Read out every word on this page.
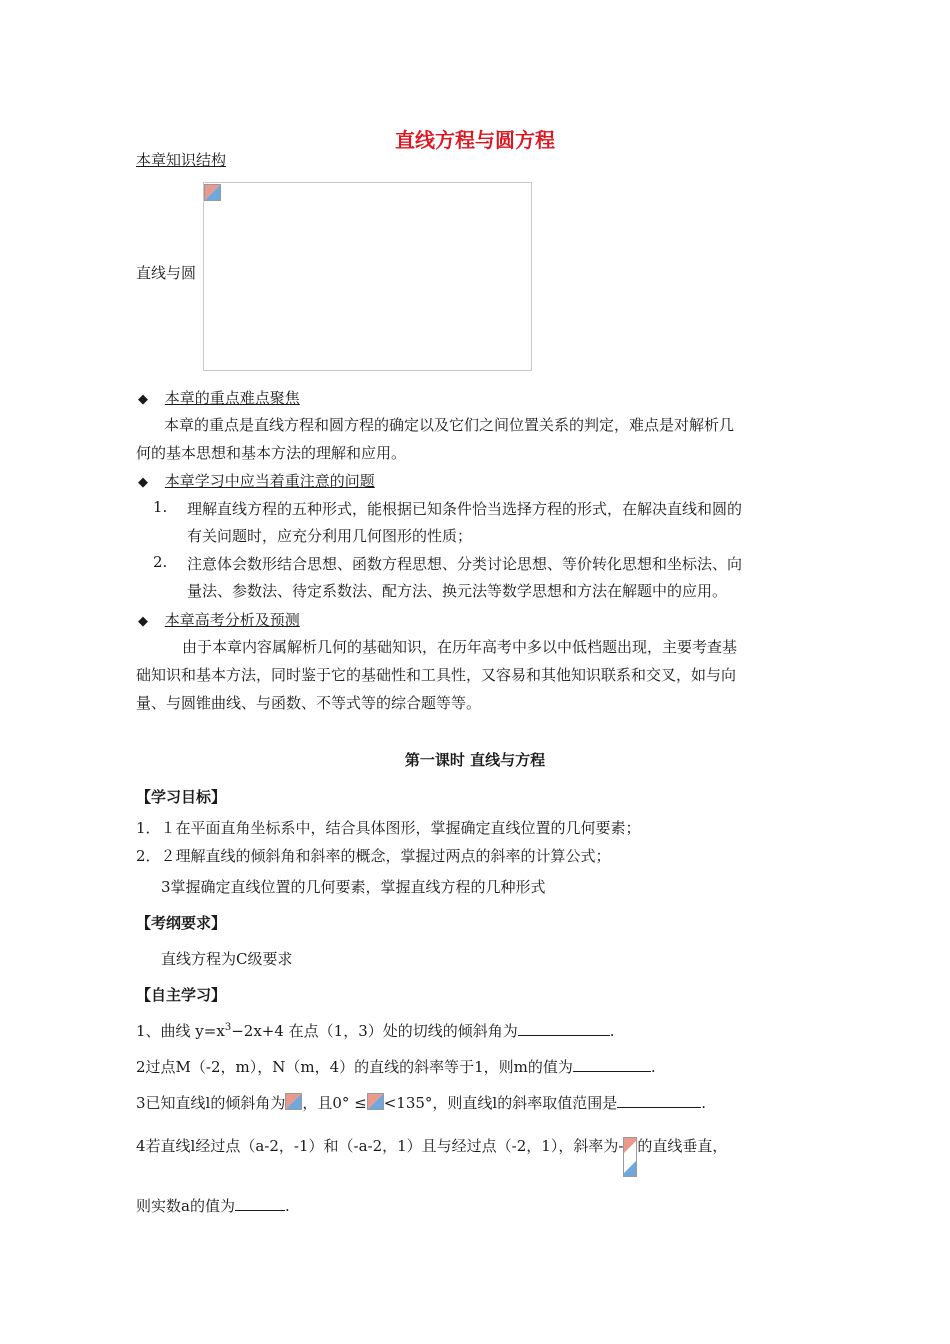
直线方程与圆方程
本章知识结构
直线与圆
◆ 本章的重点难点聚焦
本章的重点是直线方程和圆方程的确定以及它们之间位置关系的判定，难点是对解析几
何的基本思想和基本方法的理解和应用。
◆ 本章学习中应当着重注意的问题
1. 理解直线方程的五种形式，能根据已知条件恰当选择方程的形式，在解决直线和圆的
有关问题时，应充分利用几何图形的性质；
2. 注意体会数形结合思想、函数方程思想、分类讨论思想、等价转化思想和坐标法、向
量法、参数法、待定系数法、配方法、换元法等数学思想和方法在解题中的应用。
◆ 本章高考分析及预测
由于本章内容属解析几何的基础知识，在历年高考中多以中低档题出现，主要考查基
础知识和基本方法，同时鉴于它的基础性和工具性，又容易和其他知识联系和交叉，如与向
量、与圆锥曲线、与函数、不等式等的综合题等等。
第一课时 直线与方程
【学习目标】
1．１在平面直角坐标系中，结合具体图形，掌握确定直线位置的几何要素；
2．２理解直线的倾斜角和斜率的概念，掌握过两点的斜率的计算公式；
3掌握确定直线位置的几何要素，掌握直线方程的几种形式
【考纲要求】
直线方程为C级要求
【自主学习】
1、曲线 $y=x^3-2x+4$ 在点（1，3）处的切线的倾斜角为	.
2过点M（-2，m），N（m，4）的直线的斜率等于1，则m的值为	.
3已知直线l的倾斜角为 ，且0° ≤ <135°，则直线l的斜率取值范围是	.
4若直线l经过点（a-2，-1）和（-a-2，1）且与经过点（-2，1），斜率为- 的直线垂直，
则实数a的值为	.
